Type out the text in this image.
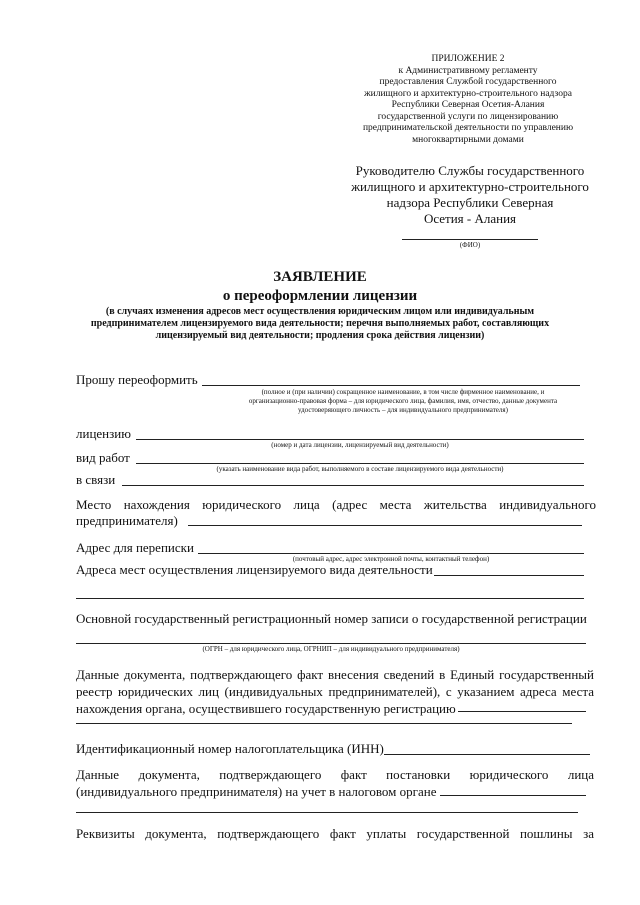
ПРИЛОЖЕНИЕ 2
к Административному регламенту
предоставления Службой государственного
жилищного и архитектурно-строительного надзора
Республики Северная Осетия-Алания
государственной услуги по лицензированию
предпринимательской деятельности по управлению
многоквартирными домами
Руководителю Службы государственного
жилищного и архитектурно-строительного
надзора Республики Северная
Осетия - Алания
(ФИО)
ЗАЯВЛЕНИЕ
о переоформлении лицензии
(в случаях изменения адресов мест осуществления юридическим лицом или индивидуальным
предпринимателем лицензируемого вида деятельности; перечня выполняемых работ, составляющих
лицензируемый вид деятельности; продления срока действия лицензии)
Прошу переоформить
(полное и (при наличии) сокращенное наименование, в том числе фирменное наименование, и
организационно-правовая форма – для юридического лица, фамилия, имя, отчество, данные документа
удостоверяющего личность – для индивидуального предпринимателя)
лицензию
(номер и дата лицензии, лицензируемый вид деятельности)
вид работ
(указать наименование вида работ, выполняемого в составе лицензируемого вида деятельности)
в связи
Место нахождения юридического лица (адрес места жительства индивидуального предпринимателя)
Адрес для переписки
(почтовый адрес, адрес электронной почты, контактный телефон)
Адреса мест осуществления лицензируемого вида деятельности
Основной государственный регистрационный номер записи о государственной регистрации
(ОГРН – для юридического лица, ОГРНИП – для индивидуального предпринимателя)
Данные документа, подтверждающего факт внесения сведений в Единый государственный реестр юридических лиц (индивидуальных предпринимателей), с указанием адреса места нахождения органа, осуществившего государственную регистрацию
Идентификационный номер налогоплательщика (ИНН)
Данные документа, подтверждающего факт постановки юридического лица (индивидуального предпринимателя) на учет в налоговом органе
Реквизиты документа, подтверждающего факт уплаты государственной пошлины за
